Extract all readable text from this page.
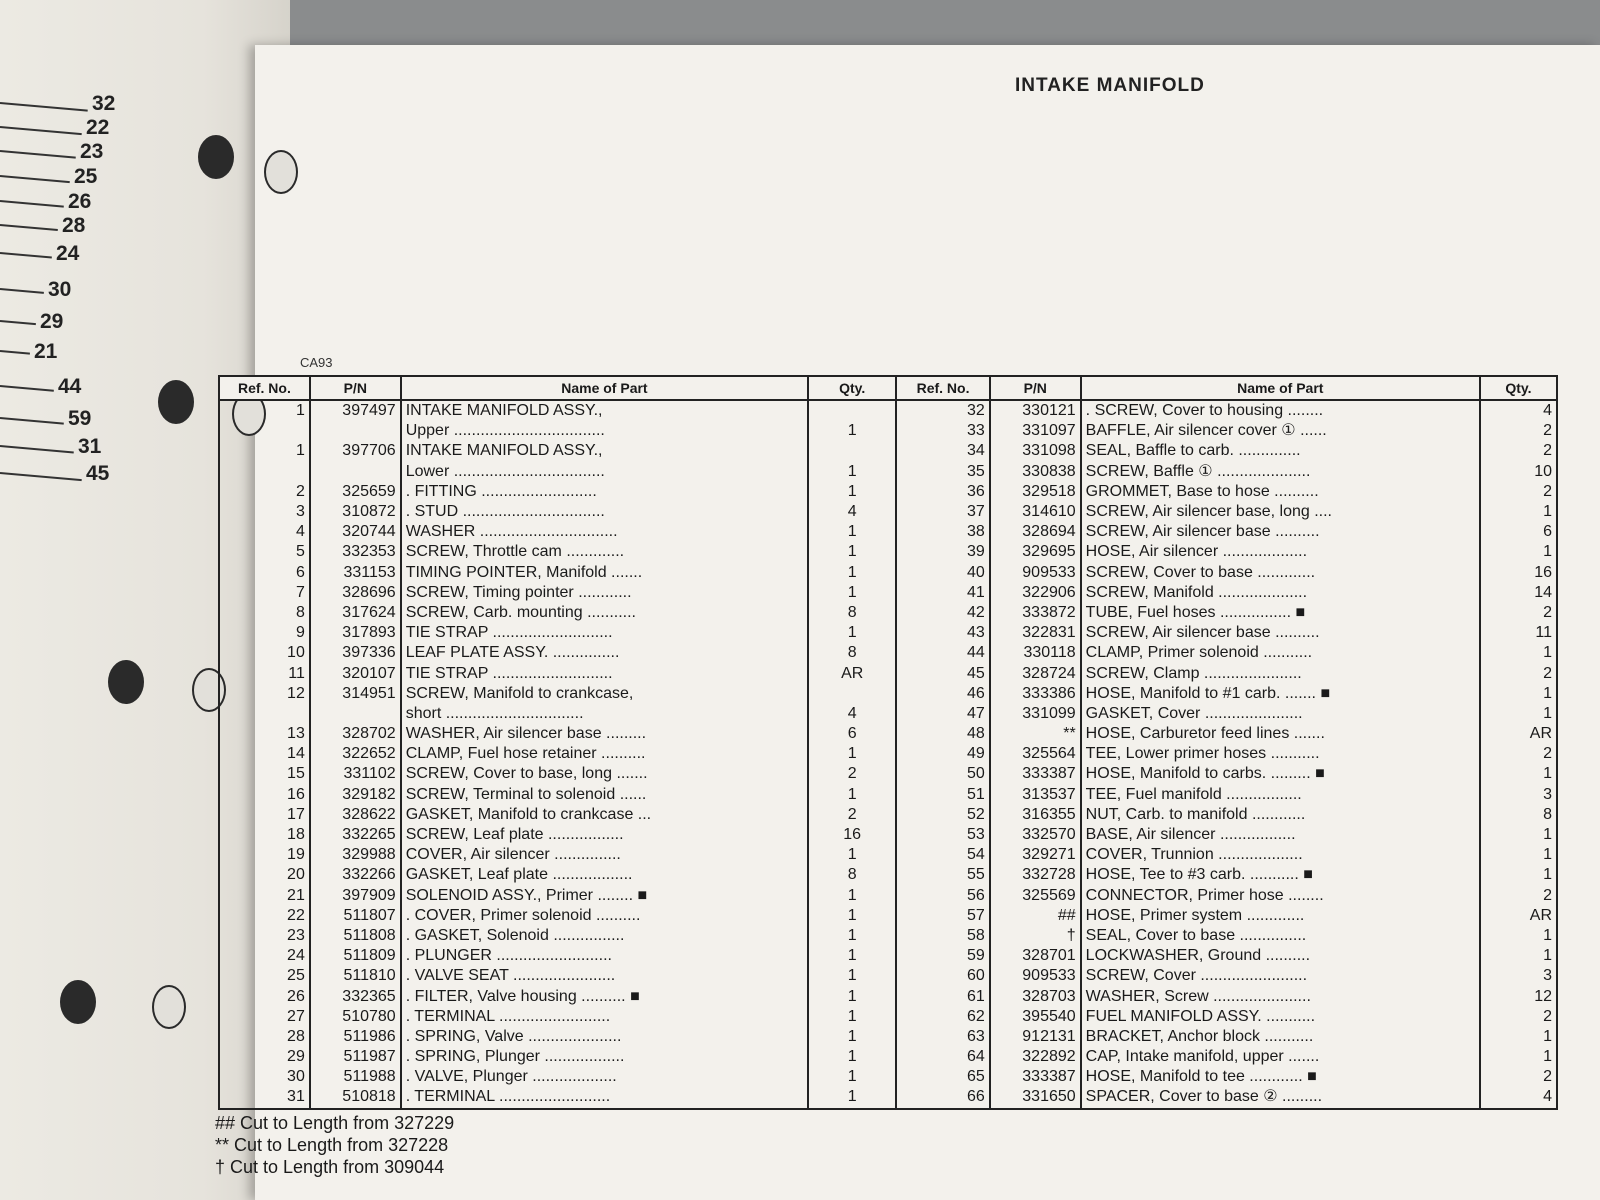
32
22
23
25
26
28
24
30
29
21
44
59
31
45
INTAKE MANIFOLD
CA93
Ref. No.	P/N	Name of Part	Qty.	Ref. No.	P/N	Name of Part	Qty.
1	397497	INTAKE MANIFOLD ASSY.,		32	330121	. SCREW, Cover to housing ........	4
		Upper ..................................	1	33	331097	BAFFLE, Air silencer cover ① ......	2
1	397706	INTAKE MANIFOLD ASSY.,		34	331098	SEAL, Baffle to carb. ..............	2
		Lower ..................................	1	35	330838	SCREW, Baffle ① .....................	10
2	325659	. FITTING ..........................	1	36	329518	GROMMET, Base to hose ..........	2
3	310872	. STUD ................................	4	37	314610	SCREW, Air silencer base, long ....	1
4	320744	WASHER ...............................	1	38	328694	SCREW, Air silencer base ..........	6
5	332353	SCREW, Throttle cam .............	1	39	329695	HOSE, Air silencer ...................	1
6	331153	TIMING POINTER, Manifold .......	1	40	909533	SCREW, Cover to base .............	16
7	328696	SCREW, Timing pointer ............	1	41	322906	SCREW, Manifold ....................	14
8	317624	SCREW, Carb. mounting ...........	8	42	333872	TUBE, Fuel hoses ................ ■	2
9	317893	TIE STRAP ...........................	1	43	322831	SCREW, Air silencer base ..........	11
10	397336	LEAF PLATE ASSY. ...............	8	44	330118	CLAMP, Primer solenoid ...........	1
11	320107	TIE STRAP ...........................	AR	45	328724	SCREW, Clamp ......................	2
12	314951	SCREW, Manifold to crankcase,		46	333386	HOSE, Manifold to #1 carb. ....... ■	1
		short ...............................	4	47	331099	GASKET, Cover ......................	1
13	328702	WASHER, Air silencer base .........	6	48	**	HOSE, Carburetor feed lines .......	AR
14	322652	CLAMP, Fuel hose retainer ..........	1	49	325564	TEE, Lower primer hoses ...........	2
15	331102	SCREW, Cover to base, long .......	2	50	333387	HOSE, Manifold to carbs. ......... ■	1
16	329182	SCREW, Terminal to solenoid ......	1	51	313537	TEE, Fuel manifold .................	3
17	328622	GASKET, Manifold to crankcase ...	2	52	316355	NUT, Carb. to manifold ............	8
18	332265	SCREW, Leaf plate .................	16	53	332570	BASE, Air silencer .................	1
19	329988	COVER, Air silencer ...............	1	54	329271	COVER, Trunnion ...................	1
20	332266	GASKET, Leaf plate ..................	8	55	332728	HOSE, Tee to #3 carb. ........... ■	1
21	397909	SOLENOID ASSY., Primer ........ ■	1	56	325569	CONNECTOR, Primer hose ........	2
22	511807	. COVER, Primer solenoid ..........	1	57	##	HOSE, Primer system .............	AR
23	511808	. GASKET, Solenoid ................	1	58	†	SEAL, Cover to base ...............	1
24	511809	. PLUNGER ..........................	1	59	328701	LOCKWASHER, Ground ..........	1
25	511810	. VALVE SEAT .......................	1	60	909533	SCREW, Cover ........................	3
26	332365	. FILTER, Valve housing .......... ■	1	61	328703	WASHER, Screw ......................	12
27	510780	. TERMINAL .........................	1	62	395540	FUEL MANIFOLD ASSY. ...........	2
28	511986	. SPRING, Valve .....................	1	63	912131	BRACKET, Anchor block ...........	1
29	511987	. SPRING, Plunger ..................	1	64	322892	CAP, Intake manifold, upper .......	1
30	511988	. VALVE, Plunger ...................	1	65	333387	HOSE, Manifold to tee ............ ■	2
31	510818	. TERMINAL .........................	1	66	331650	SPACER, Cover to base ② .........	4
## Cut to Length from 327229
** Cut to Length from 327228
† Cut to Length from 309044
